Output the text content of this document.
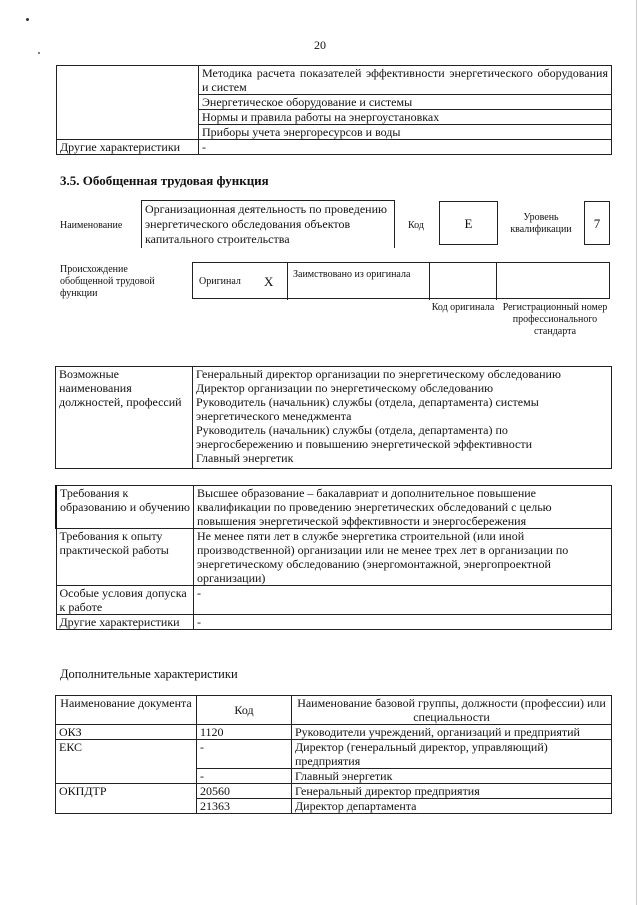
20
	Методика расчета показателей эффективности энергетического оборудования и систем
	Энергетическое оборудование и системы
	Нормы и правила работы на энергоустановках
	Приборы учета энергоресурсов и воды
Другие характеристики	-
3.5. Обобщенная трудовая функция
Наименование
Организационная деятельность по проведению энергетического обследования объектов капитального строительства
Код	E	Уровень квалификации	7
Происхождение обобщенной трудовой функции
Оригинал X Заимствовано из оригинала
Код оригинала Регистрационный номер профессионального стандарта
Возможные наименования должностей, профессий	
Генеральный директор организации по энергетическому обследованию
Директор организации по энергетическому обследованию
Руководитель (начальник) службы (отдела, департамента) системы энергетического менеджмента
Руководитель (начальник) службы (отдела, департамента) по энергосбережению и повышению энергетической эффективности
Главный энергетик
Требования к образованию и обучению	Высшее образование – бакалавриат и дополнительное повышение квалификации по проведению энергетических обследований с целью повышения энергетической эффективности и энергосбережения
Требования к опыту практической работы	Не менее пяти лет в службе энергетика строительной (или иной производственной) организации или не менее трех лет в организации по энергетическому обследованию (энергомонтажной, энергопроектной организации)
Особые условия допуска к работе	-
Другие характеристики	-
Дополнительные характеристики
Наименование документа	Код	Наименование базовой группы, должности (профессии) или специальности
ОКЗ	1120	Руководители учреждений, организаций и предприятий
ЕКС	-	Директор (генеральный директор, управляющий) предприятия
	-	Главный энергетик
ОКПДТР	20560	Генеральный директор предприятия
	21363	Директор департамента
